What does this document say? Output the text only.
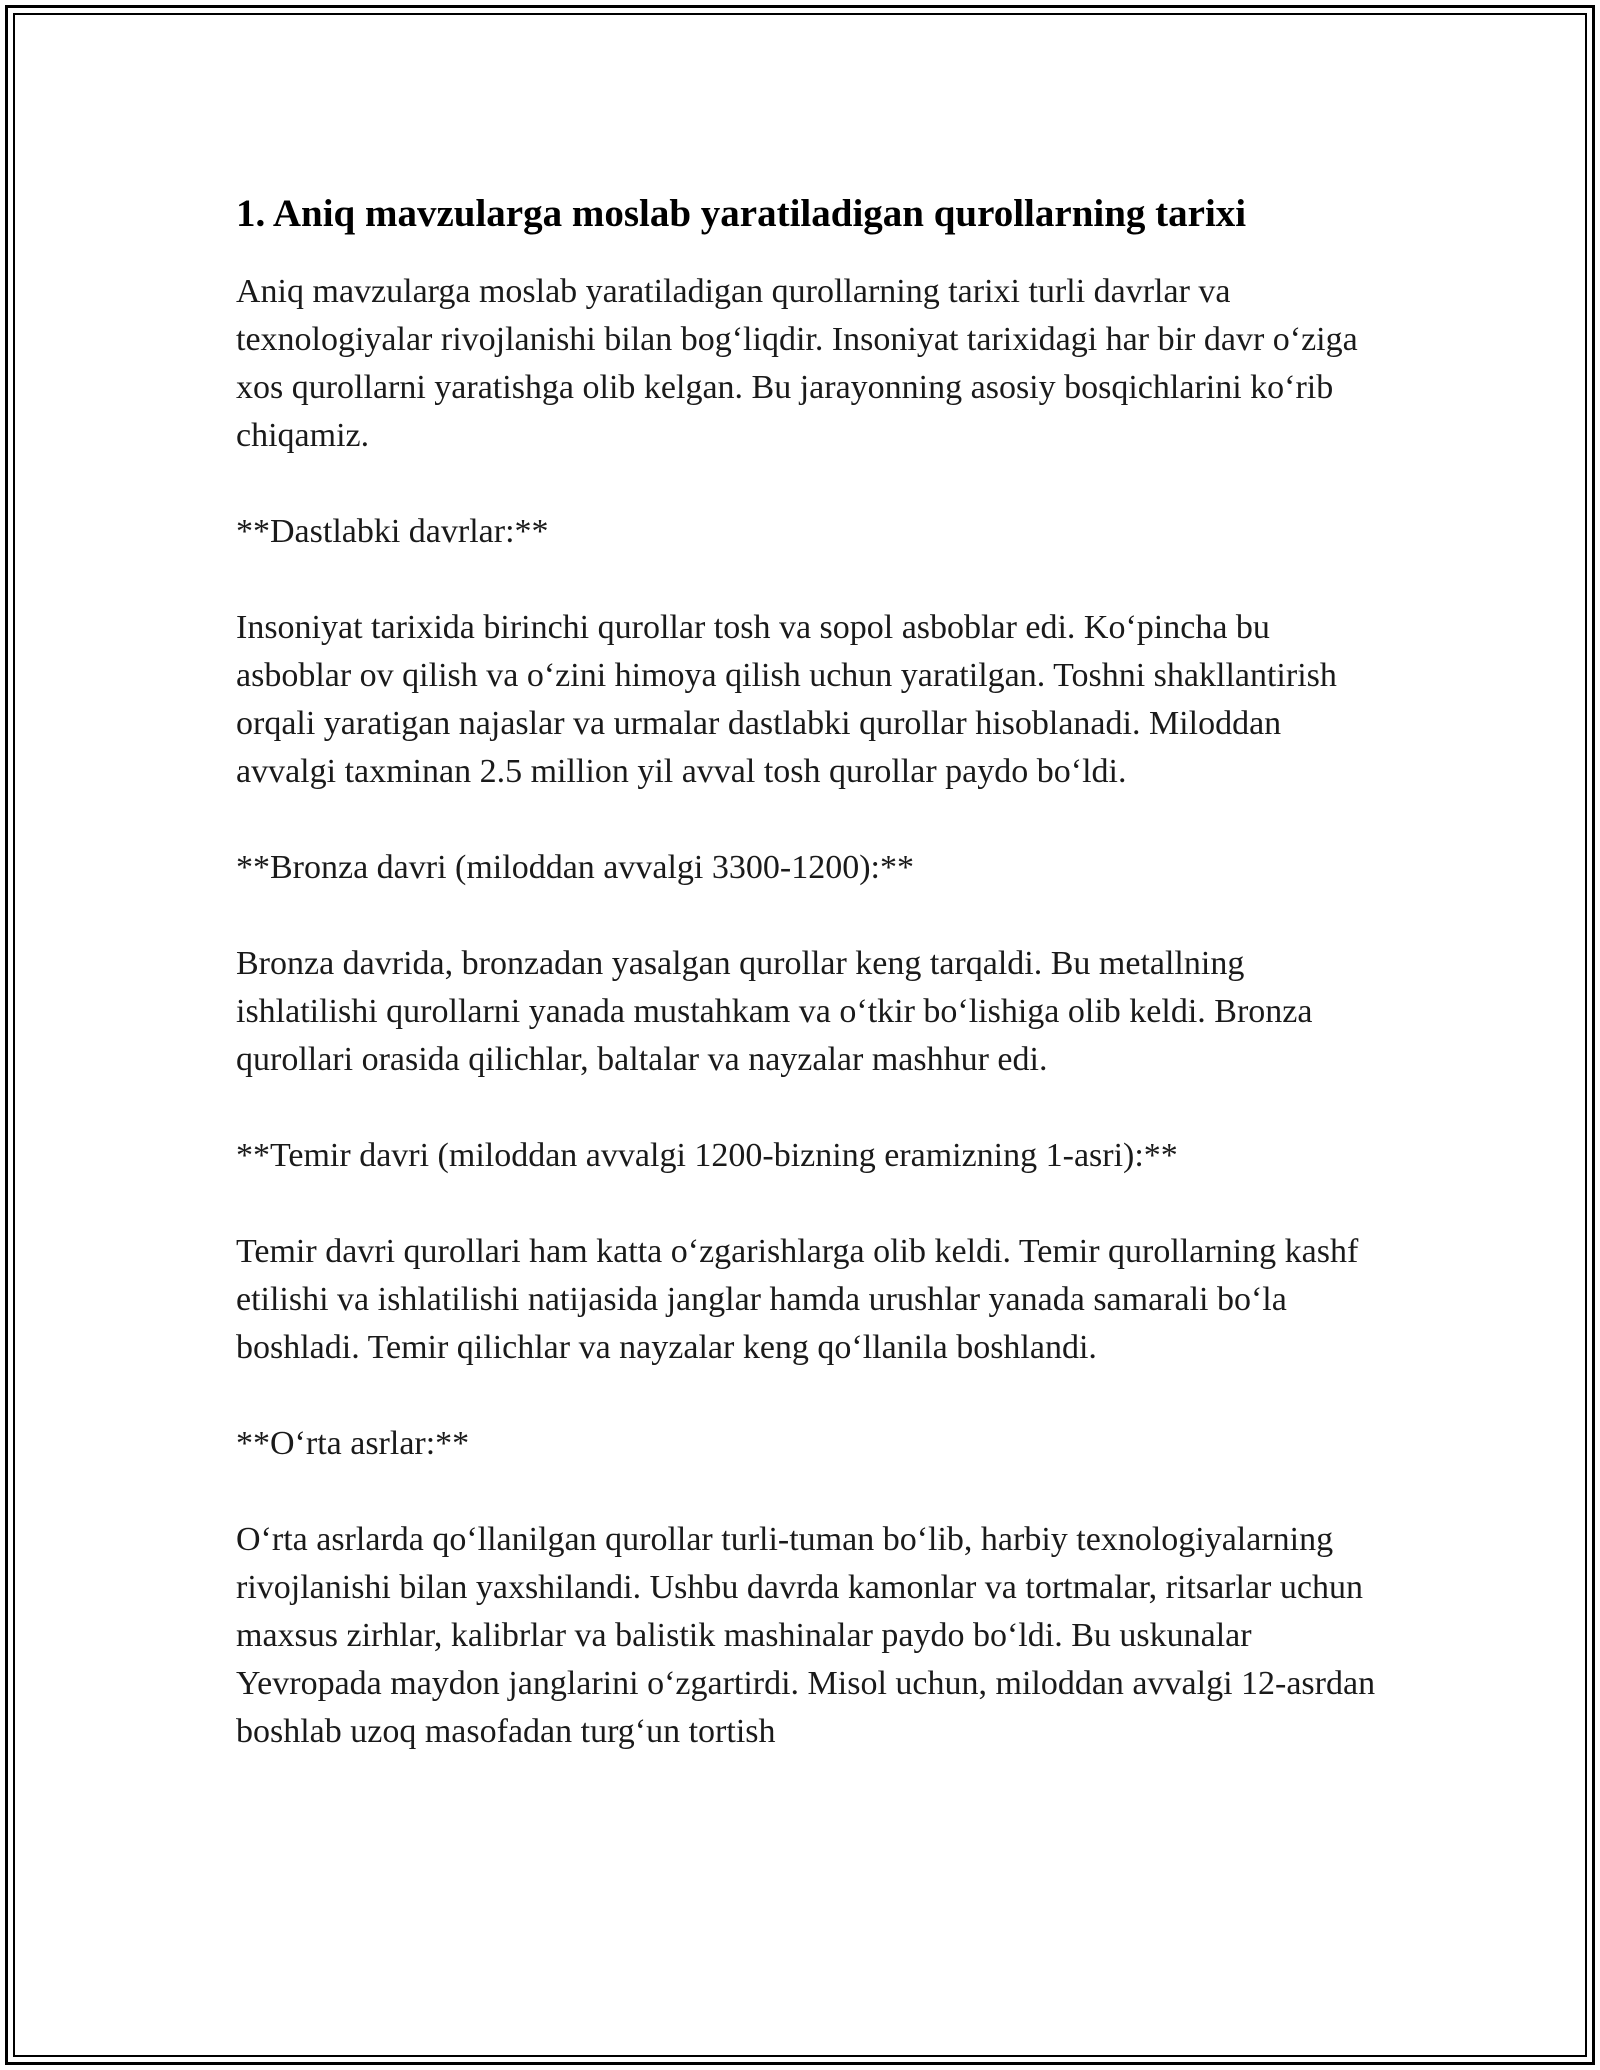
1. Aniq mavzularga moslab yaratiladigan qurollarning tarixi

Aniq mavzularga moslab yaratiladigan qurollarning tarixi turli davrlar va texnologiyalar rivojlanishi bilan bog‘liqdir. Insoniyat tarixidagi har bir davr o‘ziga xos qurollarni yaratishga olib kelgan. Bu jarayonning asosiy bosqichlarini ko‘rib chiqamiz.

**Dastlabki davrlar:**

Insoniyat tarixida birinchi qurollar tosh va sopol asboblar edi. Ko‘pincha bu asboblar ov qilish va o‘zini himoya qilish uchun yaratilgan. Toshni shakllantirish orqali yaratigan najaslar va urmalar dastlabki qurollar hisoblanadi. Miloddan avvalgi taxminan 2.5 million yil avval tosh qurollar paydo bo‘ldi.

**Bronza davri (miloddan avvalgi 3300-1200):**

Bronza davrida, bronzadan yasalgan qurollar keng tarqaldi. Bu metallning ishlatilishi qurollarni yanada mustahkam va o‘tkir bo‘lishiga olib keldi. Bronza qurollari orasida qilichlar, baltalar va nayzalar mashhur edi.

**Temir davri (miloddan avvalgi 1200-bizning eramizning 1-asri):**

Temir davri qurollari ham katta o‘zgarishlarga olib keldi. Temir qurollarning kashf etilishi va ishlatilishi natijasida janglar hamda urushlar yanada samarali bo‘la boshladi. Temir qilichlar va nayzalar keng qo‘llanila boshlandi.

**O‘rta asrlar:**

O‘rta asrlarda qo‘llanilgan qurollar turli-tuman bo‘lib, harbiy texnologiyalarning rivojlanishi bilan yaxshilandi. Ushbu davrda kamonlar va tortmalar, ritsarlar uchun maxsus zirhlar, kalibrlar va balistik mashinalar paydo bo‘ldi. Bu uskunalar Yevropada maydon janglarini o‘zgartirdi. Misol uchun, miloddan avvalgi 12-asrdan boshlab uzoq masofadan turg‘un tortish
